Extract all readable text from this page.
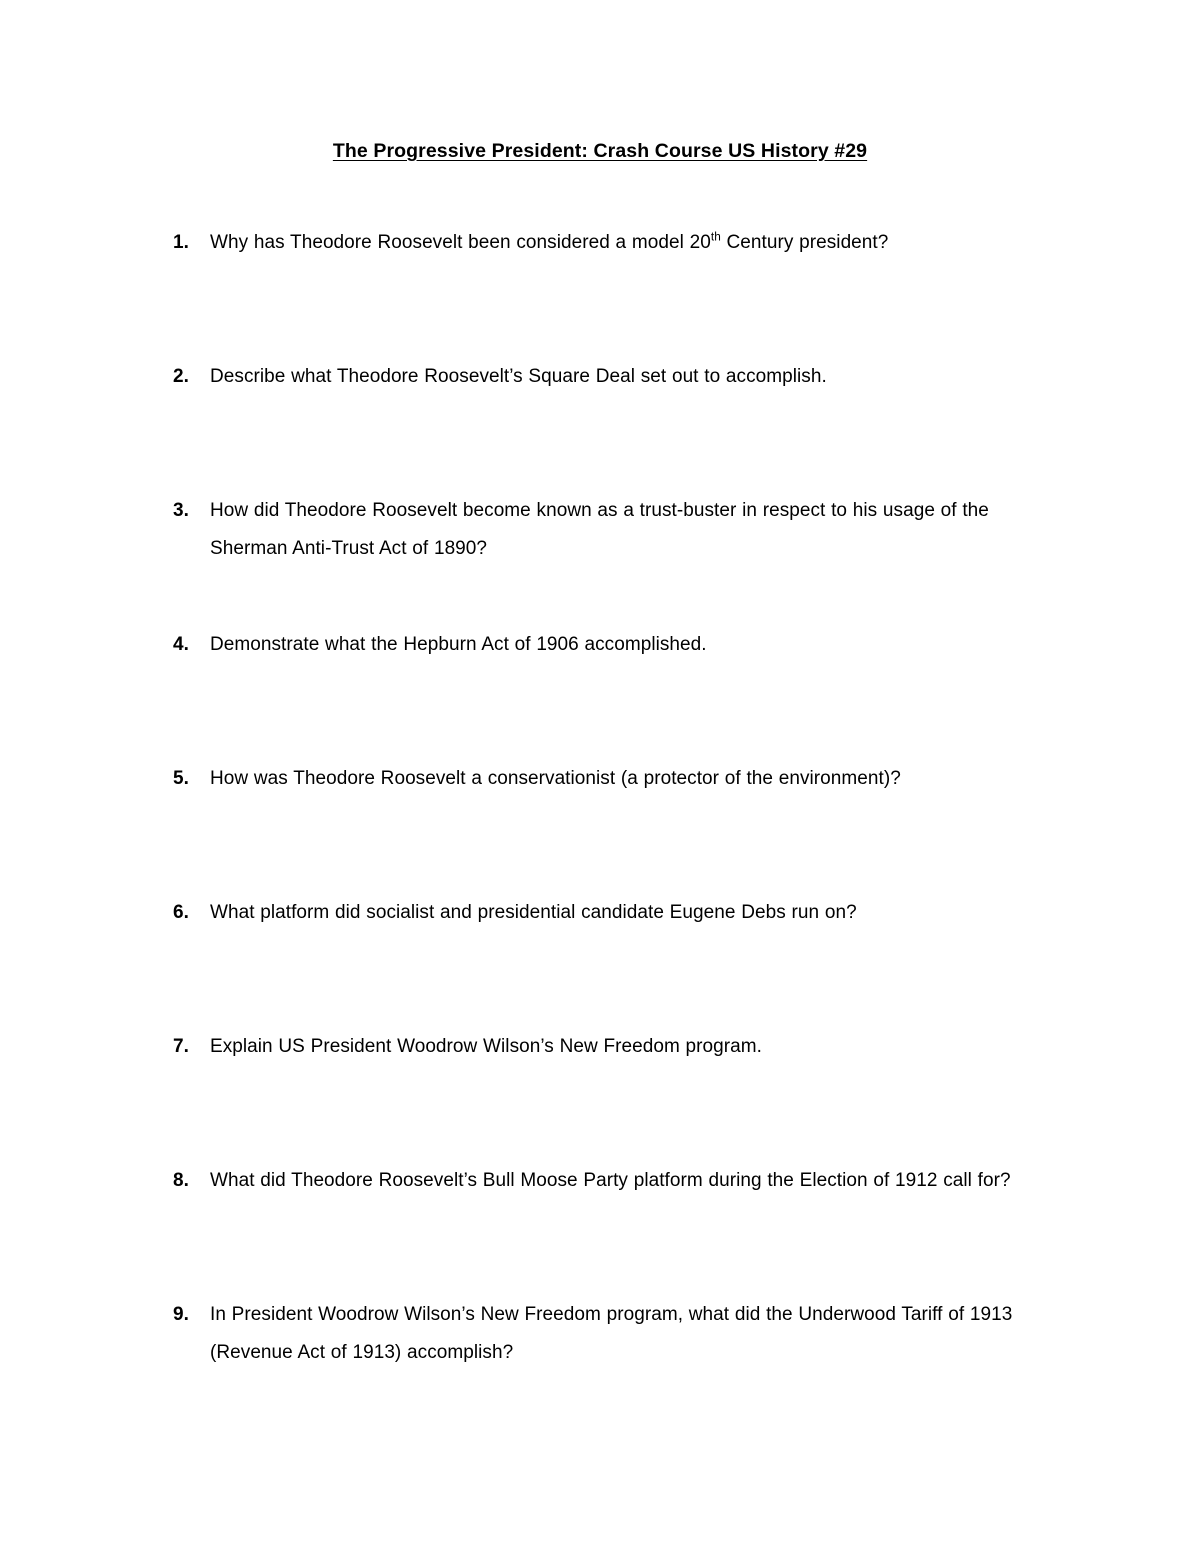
The Progressive President: Crash Course US History #29
1. Why has Theodore Roosevelt been considered a model 20th Century president?
2. Describe what Theodore Roosevelt’s Square Deal set out to accomplish.
3. How did Theodore Roosevelt become known as a trust-buster in respect to his usage of the Sherman Anti-Trust Act of 1890?
4. Demonstrate what the Hepburn Act of 1906 accomplished.
5. How was Theodore Roosevelt a conservationist (a protector of the environment)?
6. What platform did socialist and presidential candidate Eugene Debs run on?
7. Explain US President Woodrow Wilson’s New Freedom program.
8. What did Theodore Roosevelt’s Bull Moose Party platform during the Election of 1912 call for?
9. In President Woodrow Wilson’s New Freedom program, what did the Underwood Tariff of 1913 (Revenue Act of 1913) accomplish?
